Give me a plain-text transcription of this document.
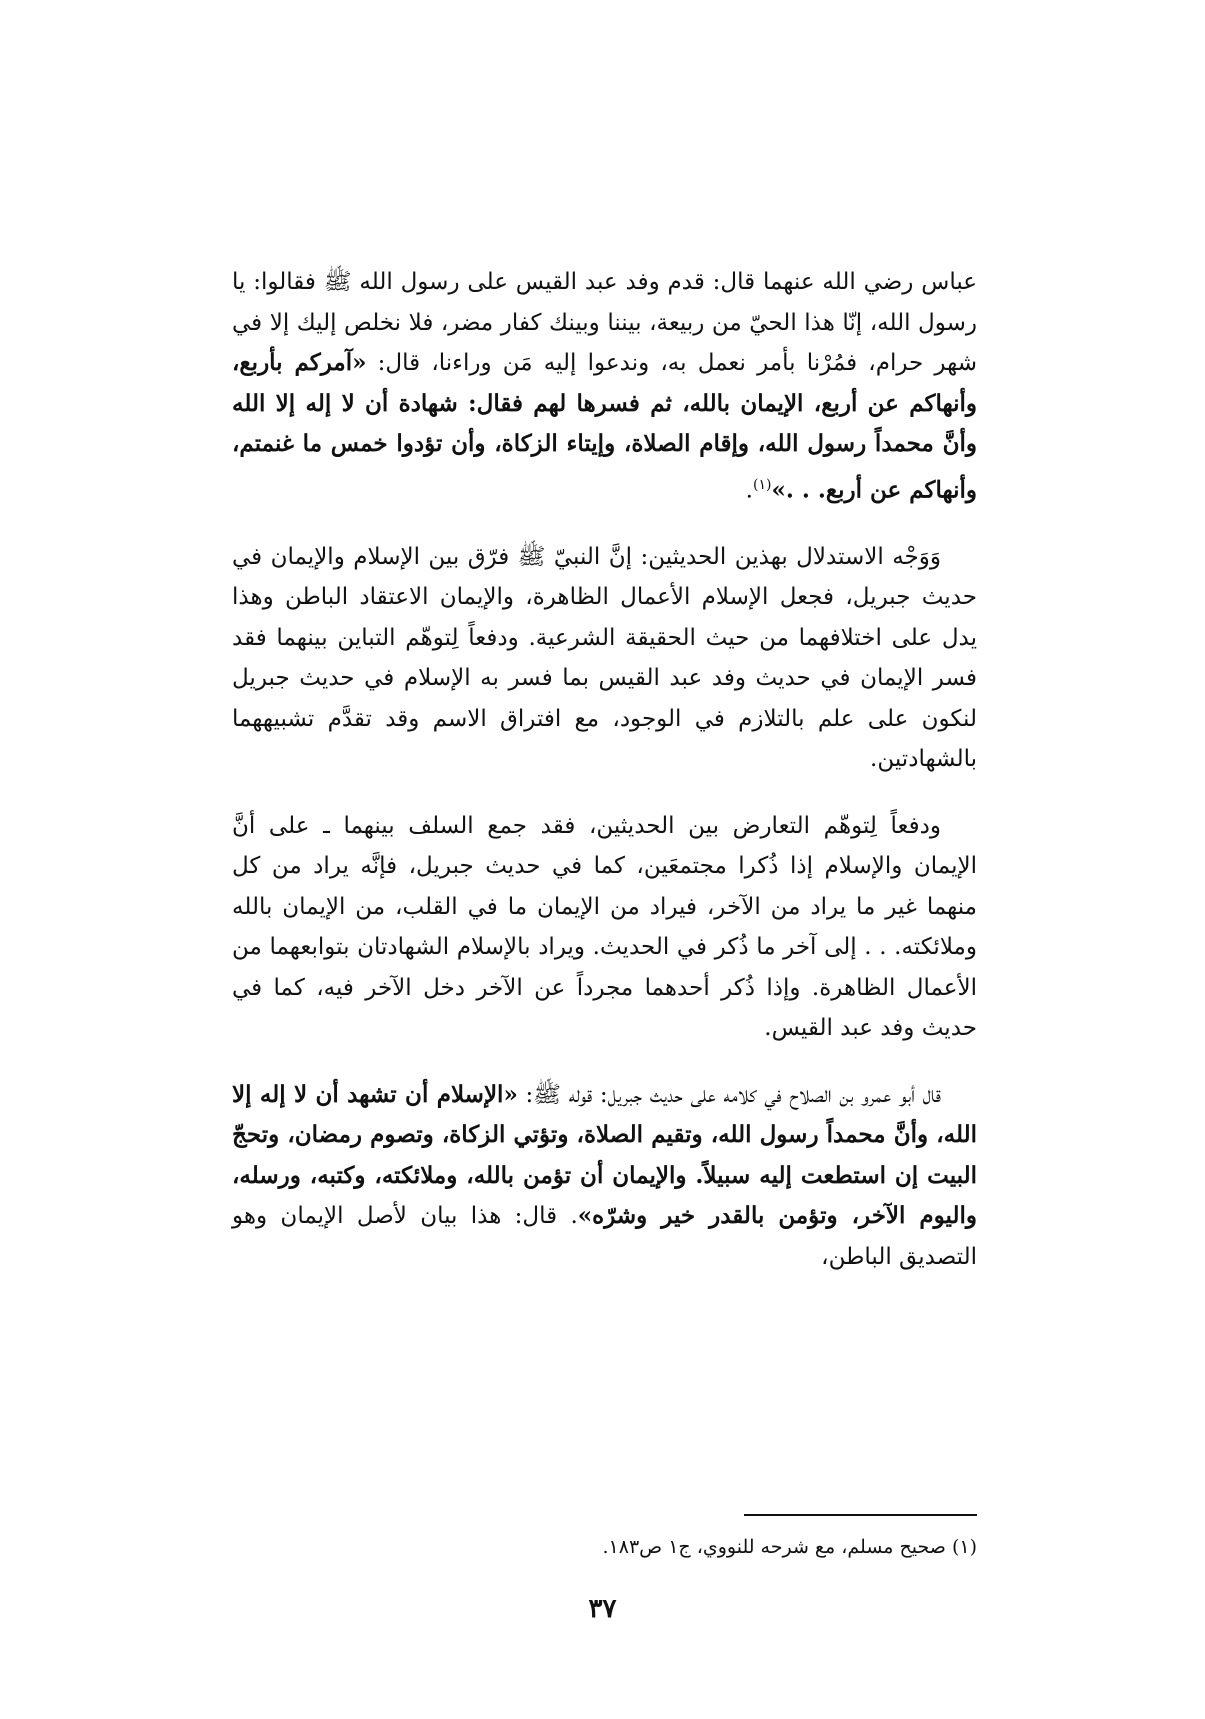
عباس رضي الله عنهما قال: قدم وفد عبد القيس على رسول الله ﷺ فقالوا: يا رسول الله، إنّا هذا الحيّ من ربيعة، بيننا وبينك كفار مضر، فلا نخلص إليك إلا في شهر حرام، فمُرْنا بأمر نعمل به، وندعوا إليه مَن وراءنا، قال: «آمركم بأربع، وأنهاكم عن أربع، الإيمان بالله، ثم فسرها لهم فقال: شهادة أن لا إله إلا الله وأنَّ محمداً رسول الله، وإقام الصلاة، وإيتاء الزكاة، وأن تؤدوا خمس ما غنمتم، وأنهاكم عن أربع. . .»$^{(١)}$.

وَوَجْه الاستدلال بهذين الحديثين: إنَّ النبيّ ﷺ فرّق بين الإسلام والإيمان في حديث جبريل، فجعل الإسلام الأعمال الظاهرة، والإيمان الاعتقاد الباطن وهذا يدل على اختلافهما من حيث الحقيقة الشرعية. ودفعاً لِتوهّم التباين بينهما فقد فسر الإيمان في حديث وفد عبد القيس بما فسر به الإسلام في حديث جبريل لنكون على علم بالتلازم في الوجود، مع افتراق الاسم وقد تقدَّم تشبيههما بالشهادتين.

ودفعاً لِتوهّم التعارض بين الحديثين، فقد جمع السلف بينهما ـ على أنَّ الإيمان والإسلام إذا ذُكرا مجتمعَين، كما في حديث جبريل، فإنَّه يراد من كل منهما غير ما يراد من الآخر، فيراد من الإيمان ما في القلب، من الإيمان بالله وملائكته. . . إلى آخر ما ذُكر في الحديث. ويراد بالإسلام الشهادتان بتوابعهما من الأعمال الظاهرة. وإذا ذُكر أحدهما مجرداً عن الآخر دخل الآخر فيه، كما في حديث وفد عبد القيس.

قال أبو عمرو بن الصلاح في كلامه على حديث جبريل: قوله ﷺ: «الإسلام أن تشهد أن لا إله إلا الله، وأنَّ محمداً رسول الله، وتقيم الصلاة، وتؤتي الزكاة، وتصوم رمضان، وتحجّ البيت إن استطعت إليه سبيلاً. والإيمان أن تؤمن بالله، وملائكته، وكتبه، ورسله، واليوم الآخر، وتؤمن بالقدر خير وشرّه». قال: هذا بيان لأصل الإيمان وهو التصديق الباطن،

(١) صحيح مسلم، مع شرحه للنووي، ج١ ص١٨٣.
٣٧
